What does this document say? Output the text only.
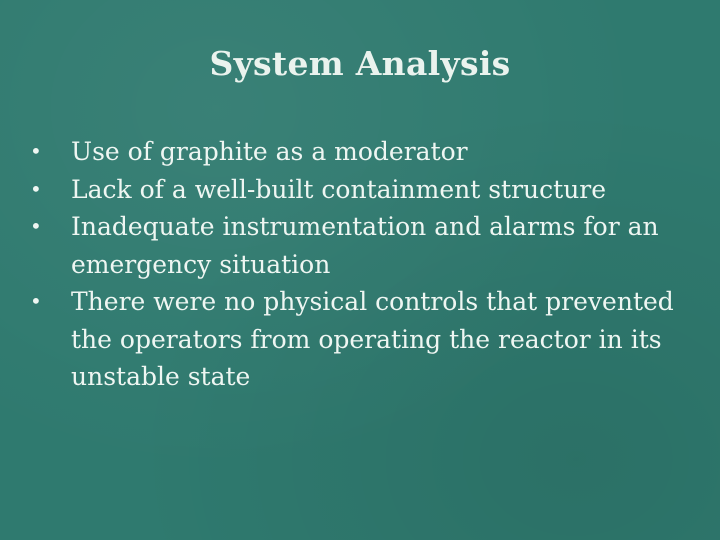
System Analysis
•	Use of graphite as a moderator
•	Lack of a well-built containment structure
•	Inadequate instrumentation and alarms for an emergency situation
•	There were no physical controls that prevented the operators from operating the reactor in its unstable state
